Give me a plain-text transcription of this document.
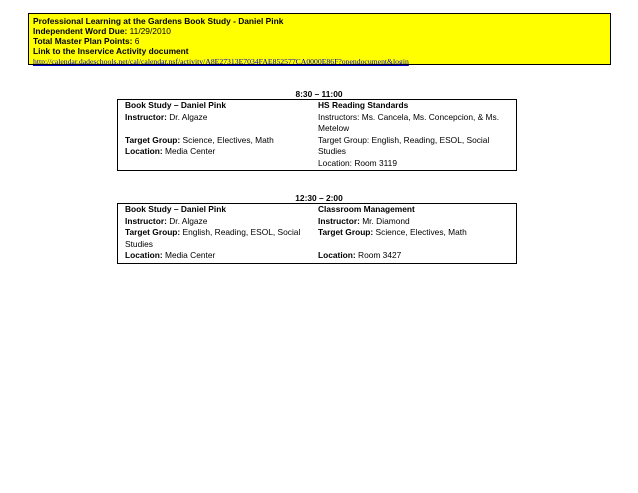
Professional Learning at the Gardens Book Study - Daniel Pink
Independent Word Due: 11/29/2010
Total Master Plan Points: 6
Link to the Inservice Activity document
http://calendar.dadeschools.net/cal/calendar.nsf/activity/A8E27313E7034FAE852577CA0000E86F?opendocument&login
8:30 – 11:00
Book Study – Daniel Pink
Instructor: Dr. Algaze
Target Group: Science, Electives, Math
Location: Media Center
HS Reading Standards
Instructors: Ms. Cancela, Ms. Concepcion, & Ms.
Metelow
Target Group: English, Reading, ESOL, Social
Studies
Location: Room 3119
12:30 – 2:00
Book Study – Daniel Pink
Instructor: Dr. Algaze
Target Group: English, Reading, ESOL, Social
Studies
Location: Media Center
Classroom Management
Instructor: Mr. Diamond
Target Group: Science, Electives, Math
Location: Room 3427
